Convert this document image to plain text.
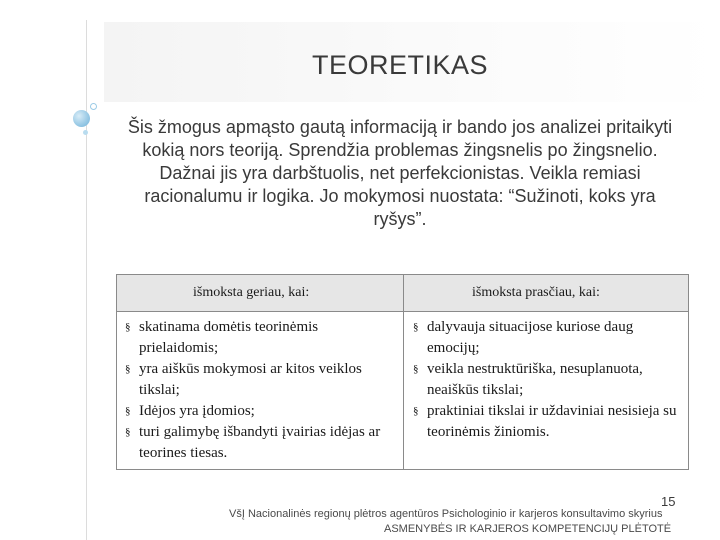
TEORETIKAS
Šis žmogus apmąsto gautą informaciją ir bando jos analizei pritaikyti kokią nors teoriją. Sprendžia problemas žingsnelis po žingsnelio. Dažnai jis yra darbštuolis, net perfekcionistas. Veikla remiasi racionalumu ir logika. Jo mokymosi nuostata: “Sužinoti, koks yra ryšys”.
išmoksta geriau, kai:	išmoksta prasčiau, kai:
§ skatinama domėtis teorinėmis prielaidomis;
§ yra aiškūs mokymosi ar kitos veiklos tikslai;
§ Idėjos yra įdomios;
§ turi galimybę išbandyti įvairias idėjas ar teorines tiesas.
§ dalyvauja situacijose kuriose daug emocijų;
§ veikla nestruktūriška, nesuplanuota, neaiškūs tikslai;
§ praktiniai tikslai ir uždaviniai nesisieja su teorinėmis žiniomis.
15
VšĮ Nacionalinės regionų plėtros agentūros Psichologinio ir karjeros konsultavimo skyrius
ASMENYBĖS IR KARJEROS KOMPETENCIJŲ PLĖTOTĖ
